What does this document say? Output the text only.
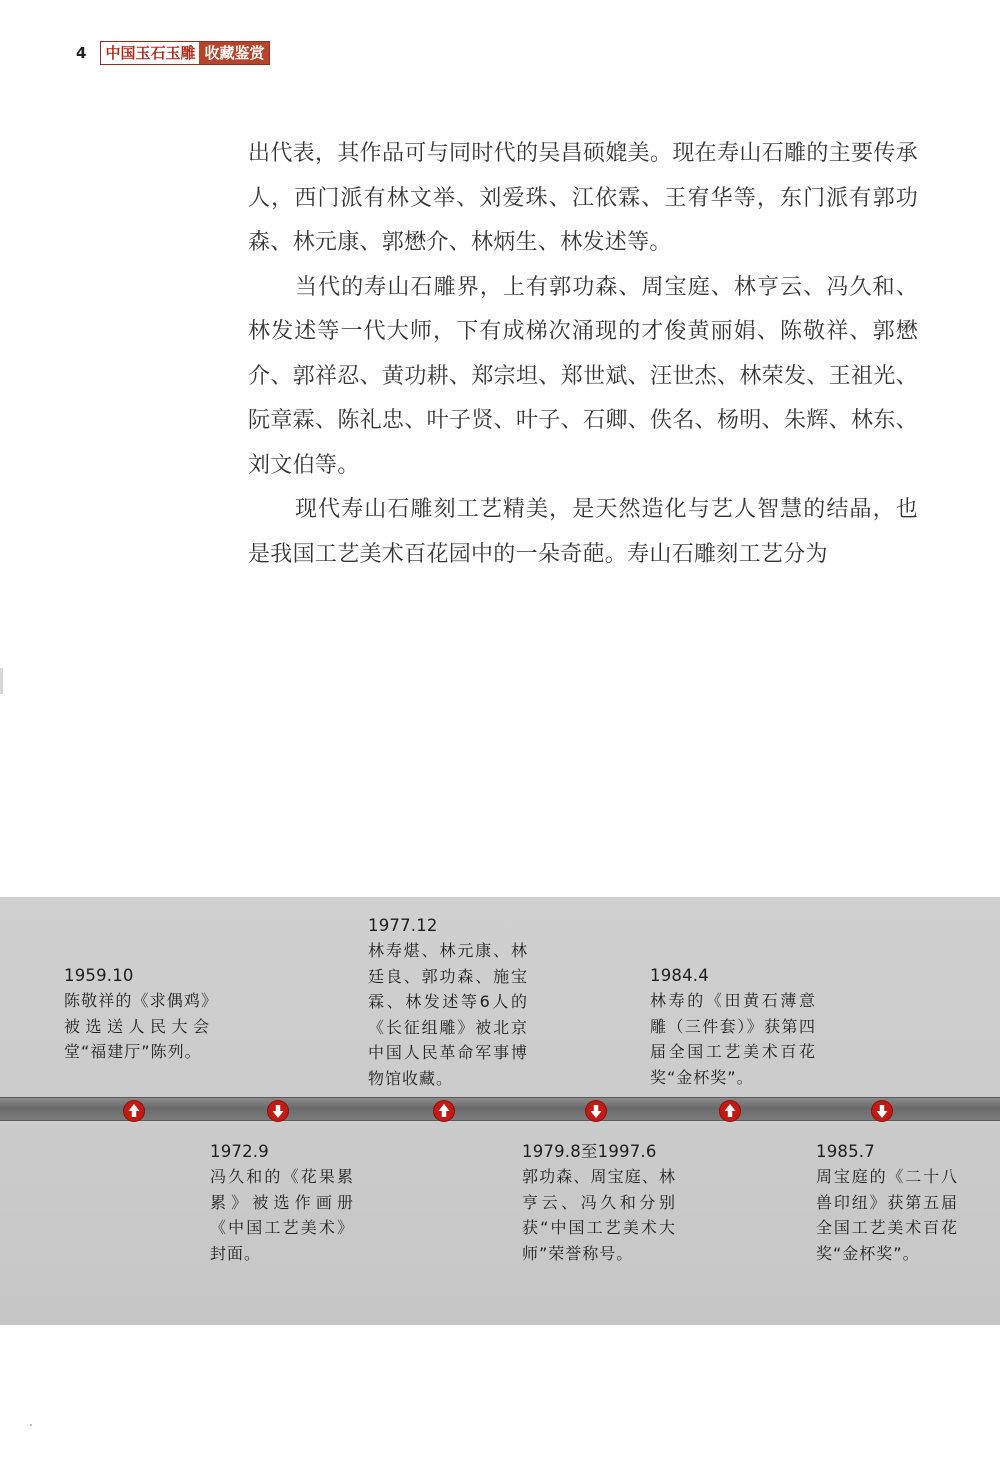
4 中国玉石玉雕 收藏鉴赏

出代表，其作品可与同时代的吴昌硕媲美。现在寿山石雕的主要传承人，西门派有林文举、刘爱珠、江依霖、王宥华等，东门派有郭功森、林元康、郭懋介、林炳生、林发述等。

当代的寿山石雕界，上有郭功森、周宝庭、林亨云、冯久和、林发述等一代大师，下有成梯次涌现的才俊黄丽娟、陈敬祥、郭懋介、郭祥忍、黄功耕、郑宗坦、郑世斌、汪世杰、林荣发、王祖光、阮章霖、陈礼忠、叶子贤、叶子、石卿、佚名、杨明、朱辉、林东、刘文伯等。

现代寿山石雕刻工艺精美，是天然造化与艺人智慧的结晶，也是我国工艺美术百花园中的一朵奇葩。寿山石雕刻工艺分为

1959.10
陈敬祥的《求偶鸡》被选送人民大会堂“福建厅”陈列。
1977.12
林寿煁、林元康、林廷良、郭功森、施宝霖、林发述等6人的《长征组雕》被北京中国人民革命军事博物馆收藏。
1984.4
林寿的《田黄石薄意雕（三件套）》获第四届全国工艺美术百花奖“金杯奖”。
1972.9
冯久和的《花果累累》被选作画册《中国工艺美术》封面。
1979.8至1997.6
郭功森、周宝庭、林亨云、冯久和分别获“中国工艺美术大师”荣誉称号。
1985.7
周宝庭的《二十八兽印纽》获第五届全国工艺美术百花奖“金杯奖”。
